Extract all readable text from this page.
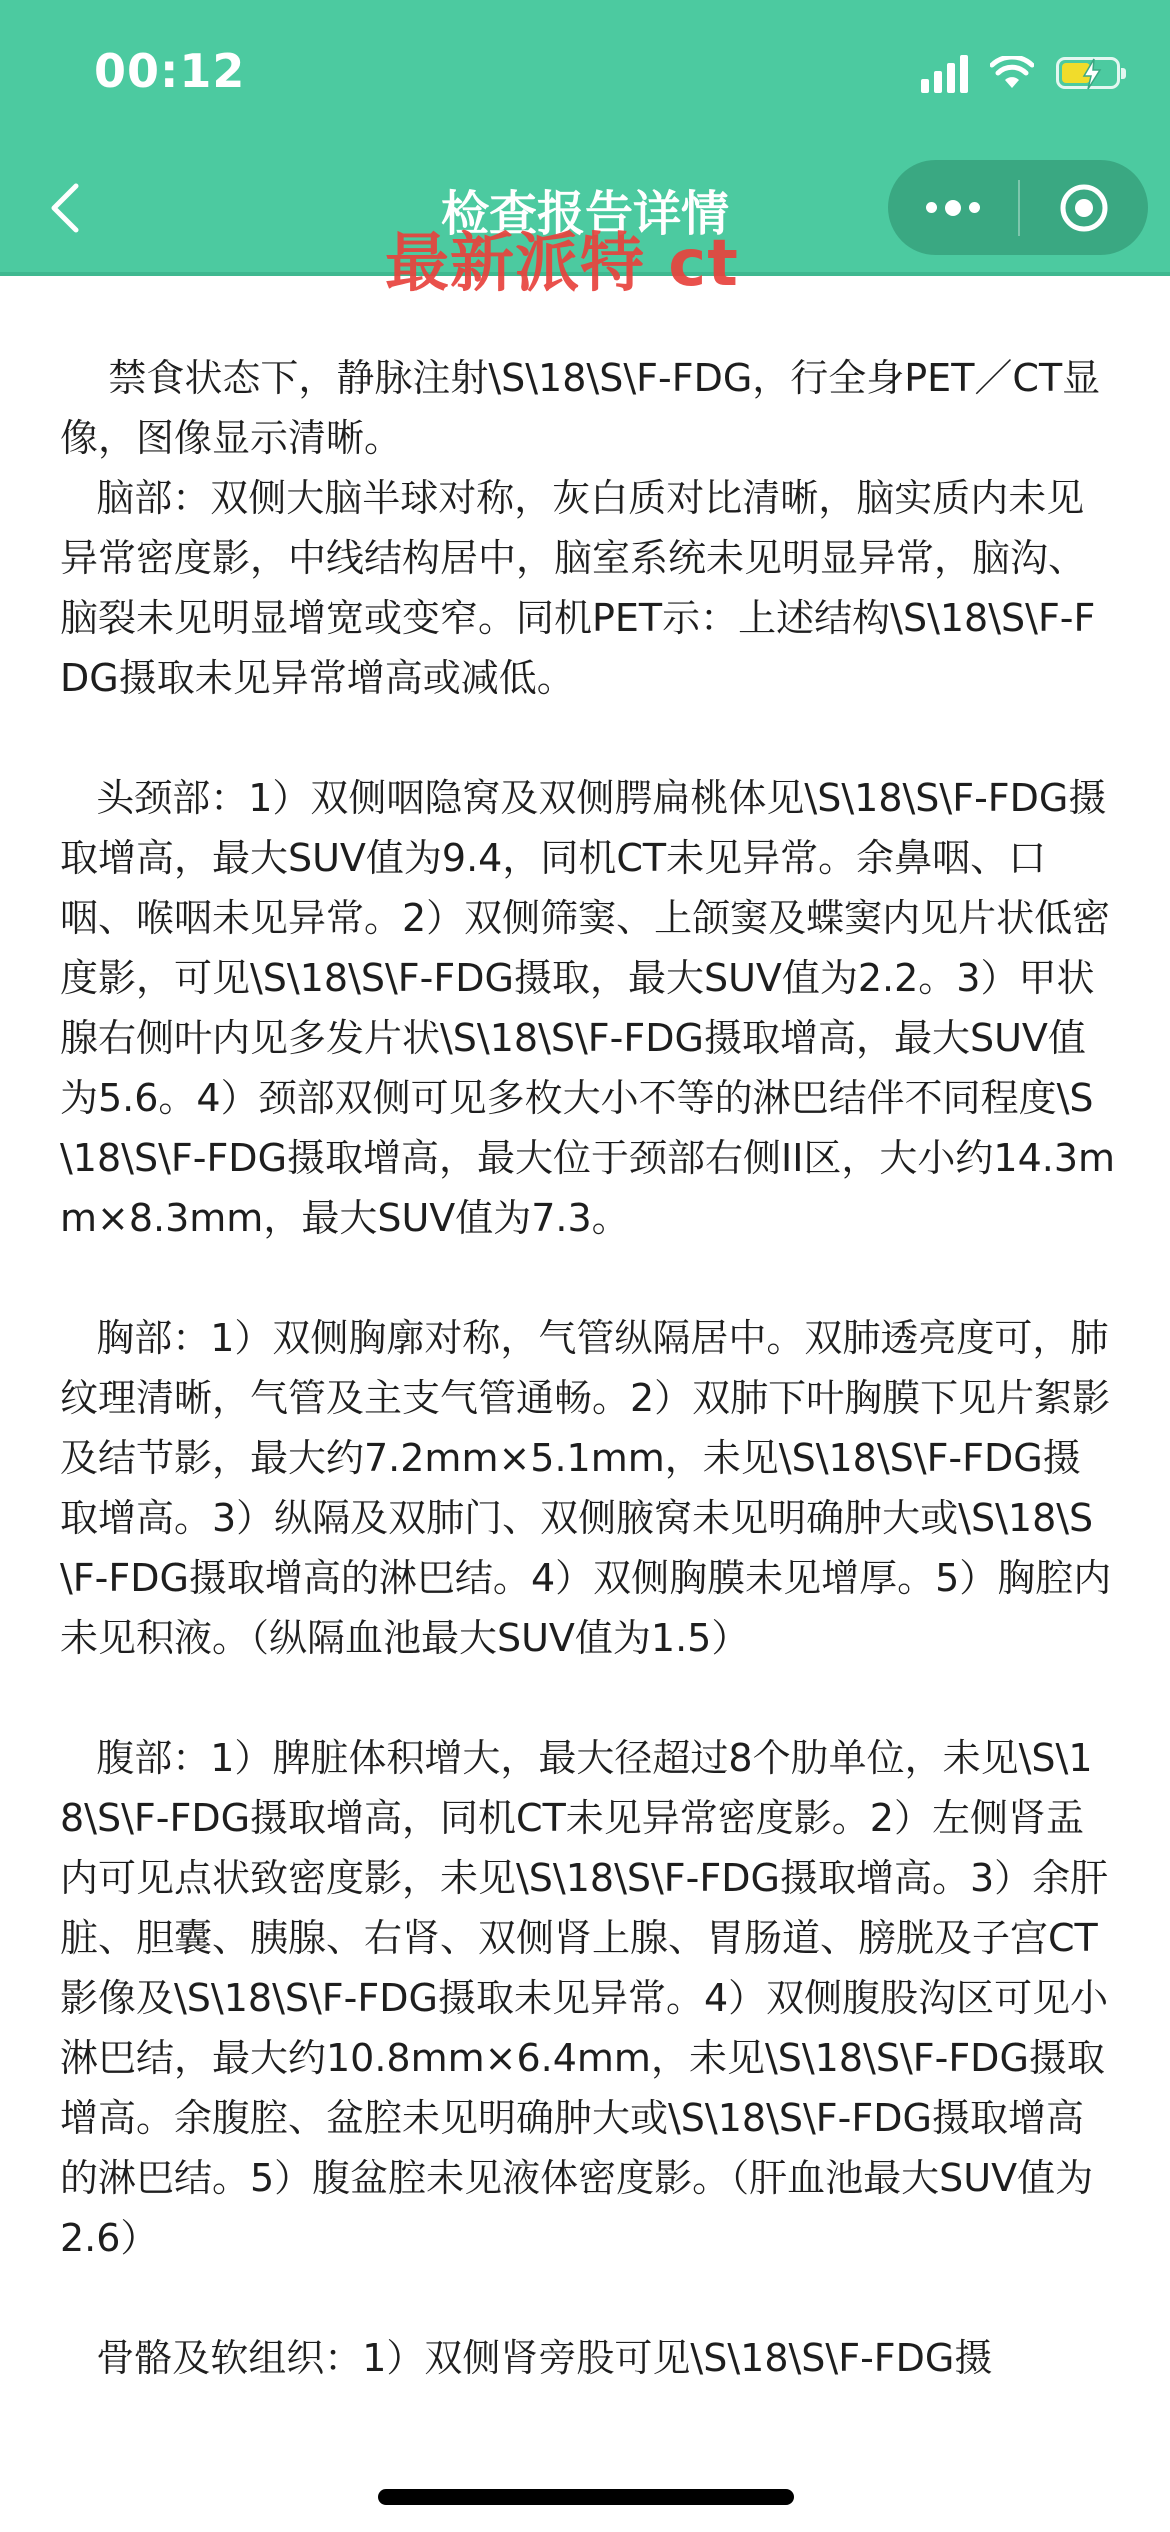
00:12
检查报告详情
最新派特 ct

禁食状态下，静脉注射\S\18\S\F-FDG，行全身PET／CT显像，图像显示清晰。

脑部：双侧大脑半球对称，灰白质对比清晰，脑实质内未见异常密度影，中线结构居中，脑室系统未见明显异常，脑沟、脑裂未见明显增宽或变窄。同机PET示：上述结构\S\18\S\F-FDG摄取未见异常增高或减低。

头颈部：1）双侧咽隐窝及双侧腭扁桃体见\S\18\S\F-FDG摄取增高，最大SUV值为9.4，同机CT未见异常。余鼻咽、口咽、喉咽未见异常。2）双侧筛窦、上颌窦及蝶窦内见片状低密度影，可见\S\18\S\F-FDG摄取，最大SUV值为2.2。3）甲状腺右侧叶内见多发片状\S\18\S\F-FDG摄取增高，最大SUV值为5.6。4）颈部双侧可见多枚大小不等的淋巴结伴不同程度\S\18\S\F-FDG摄取增高，最大位于颈部右侧II区，大小约14.3mm×8.3mm，最大SUV值为7.3。

胸部：1）双侧胸廓对称，气管纵隔居中。双肺透亮度可，肺纹理清晰，气管及主支气管通畅。2）双肺下叶胸膜下见片絮影及结节影，最大约7.2mm×5.1mm，未见\S\18\S\F-FDG摄取增高。3）纵隔及双肺门、双侧腋窝未见明确肿大或\S\18\S\F-FDG摄取增高的淋巴结。4）双侧胸膜未见增厚。5）胸腔内未见积液。（纵隔血池最大SUV值为1.5）

腹部：1）脾脏体积增大，最大径超过8个肋单位，未见\S\18\S\F-FDG摄取增高，同机CT未见异常密度影。2）左侧肾盂内可见点状致密度影，未见\S\18\S\F-FDG摄取增高。3）余肝脏、胆囊、胰腺、右肾、双侧肾上腺、胃肠道、膀胱及子宫CT影像及\S\18\S\F-FDG摄取未见异常。4）双侧腹股沟区可见小淋巴结，最大约10.8mm×6.4mm，未见\S\18\S\F-FDG摄取增高。余腹腔、盆腔未见明确肿大或\S\18\S\F-FDG摄取增高的淋巴结。5）腹盆腔未见液体密度影。（肝血池最大SUV值为2.6）

骨骼及软组织：1）双侧肾旁股可见\S\18\S\F-FDG摄
